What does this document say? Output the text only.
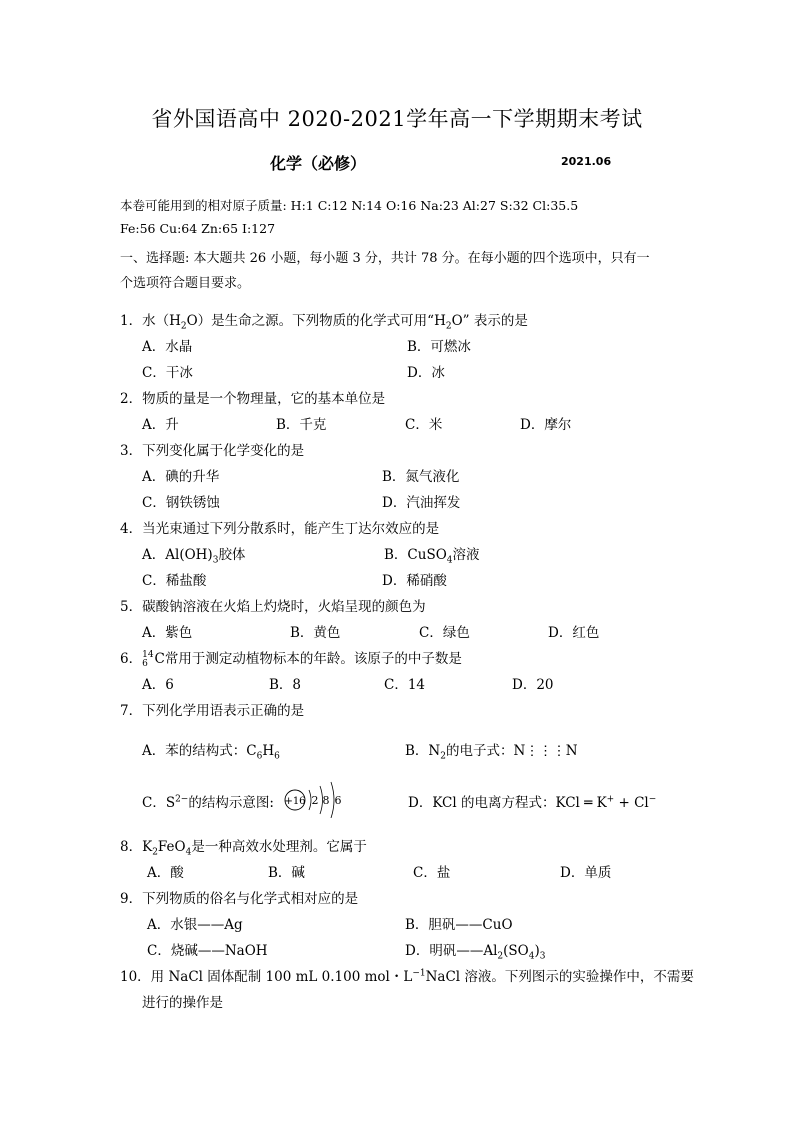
省外国语高中 2020-2021学年高一下学期期末考试
化学（必修）	2021.06
本卷可能用到的相对原子质量: H:1 C:12 N:14 O:16 Na:23 Al:27 S:32 Cl:35.5
Fe:56 Cu:64 Zn:65 I:127
一、选择题: 本大题共 26 小题，每小题 3 分，共计 78 分。在每小题的四个选项中，只有一
个选项符合题目要求。
1．水$(H_2O)$是生命之源。下列物质的化学式可用“$H_2O$” 表示的是
A．水晶	B．可燃冰
C．干冰	D．冰
2．物质的量是一个物理量，它的基本单位是
A．升	B．千克	C．米	D．摩尔
3．下列变化属于化学变化的是
A．碘的升华	B．氮气液化
C．钢铁锈蚀	D．汽油挥发
4．当光束通过下列分散系时，能产生丁达尔效应的是
A．$Al(OH)_3$胶体	B．CuSO$_4$溶液
C．稀盐酸	D．稀硝酸
5．碳酸钠溶液在火焰上灼烧时，火焰呈现的颜色为
A．紫色	B．黄色	C．绿色	D．红色
6． 14
6 C常用于测定动植物标本的年龄。该原子的中子数是
A．6	B．8	C．14	D．20
7．下列化学用语表示正确的是
A．苯的结构式：$C_6H_6$	B．$N_2$的电子式：N⋮⋮⋮N
C．$S^{2-}$的结构示意图: +16 2 8 6	D．KCl 的电离方程式：KCl ═ K+ + Cl−
8．$K_2FeO_4$是一种高效水处理剂。它属于
A．酸	B．碱	C．盐	D．单质
9．下列物质的俗名与化学式相对应的是
A．水银——Ag	B．胆矾——CuO
C．烧碱——NaOH	D．明矾$——Al_2(SO_4)_3$
10．用 NaCl 固体配制 100 mL 0.100 mol・$L^{-1}NaCl$ 溶液。下列图示的实验操作中，不需要
进行的操作是
